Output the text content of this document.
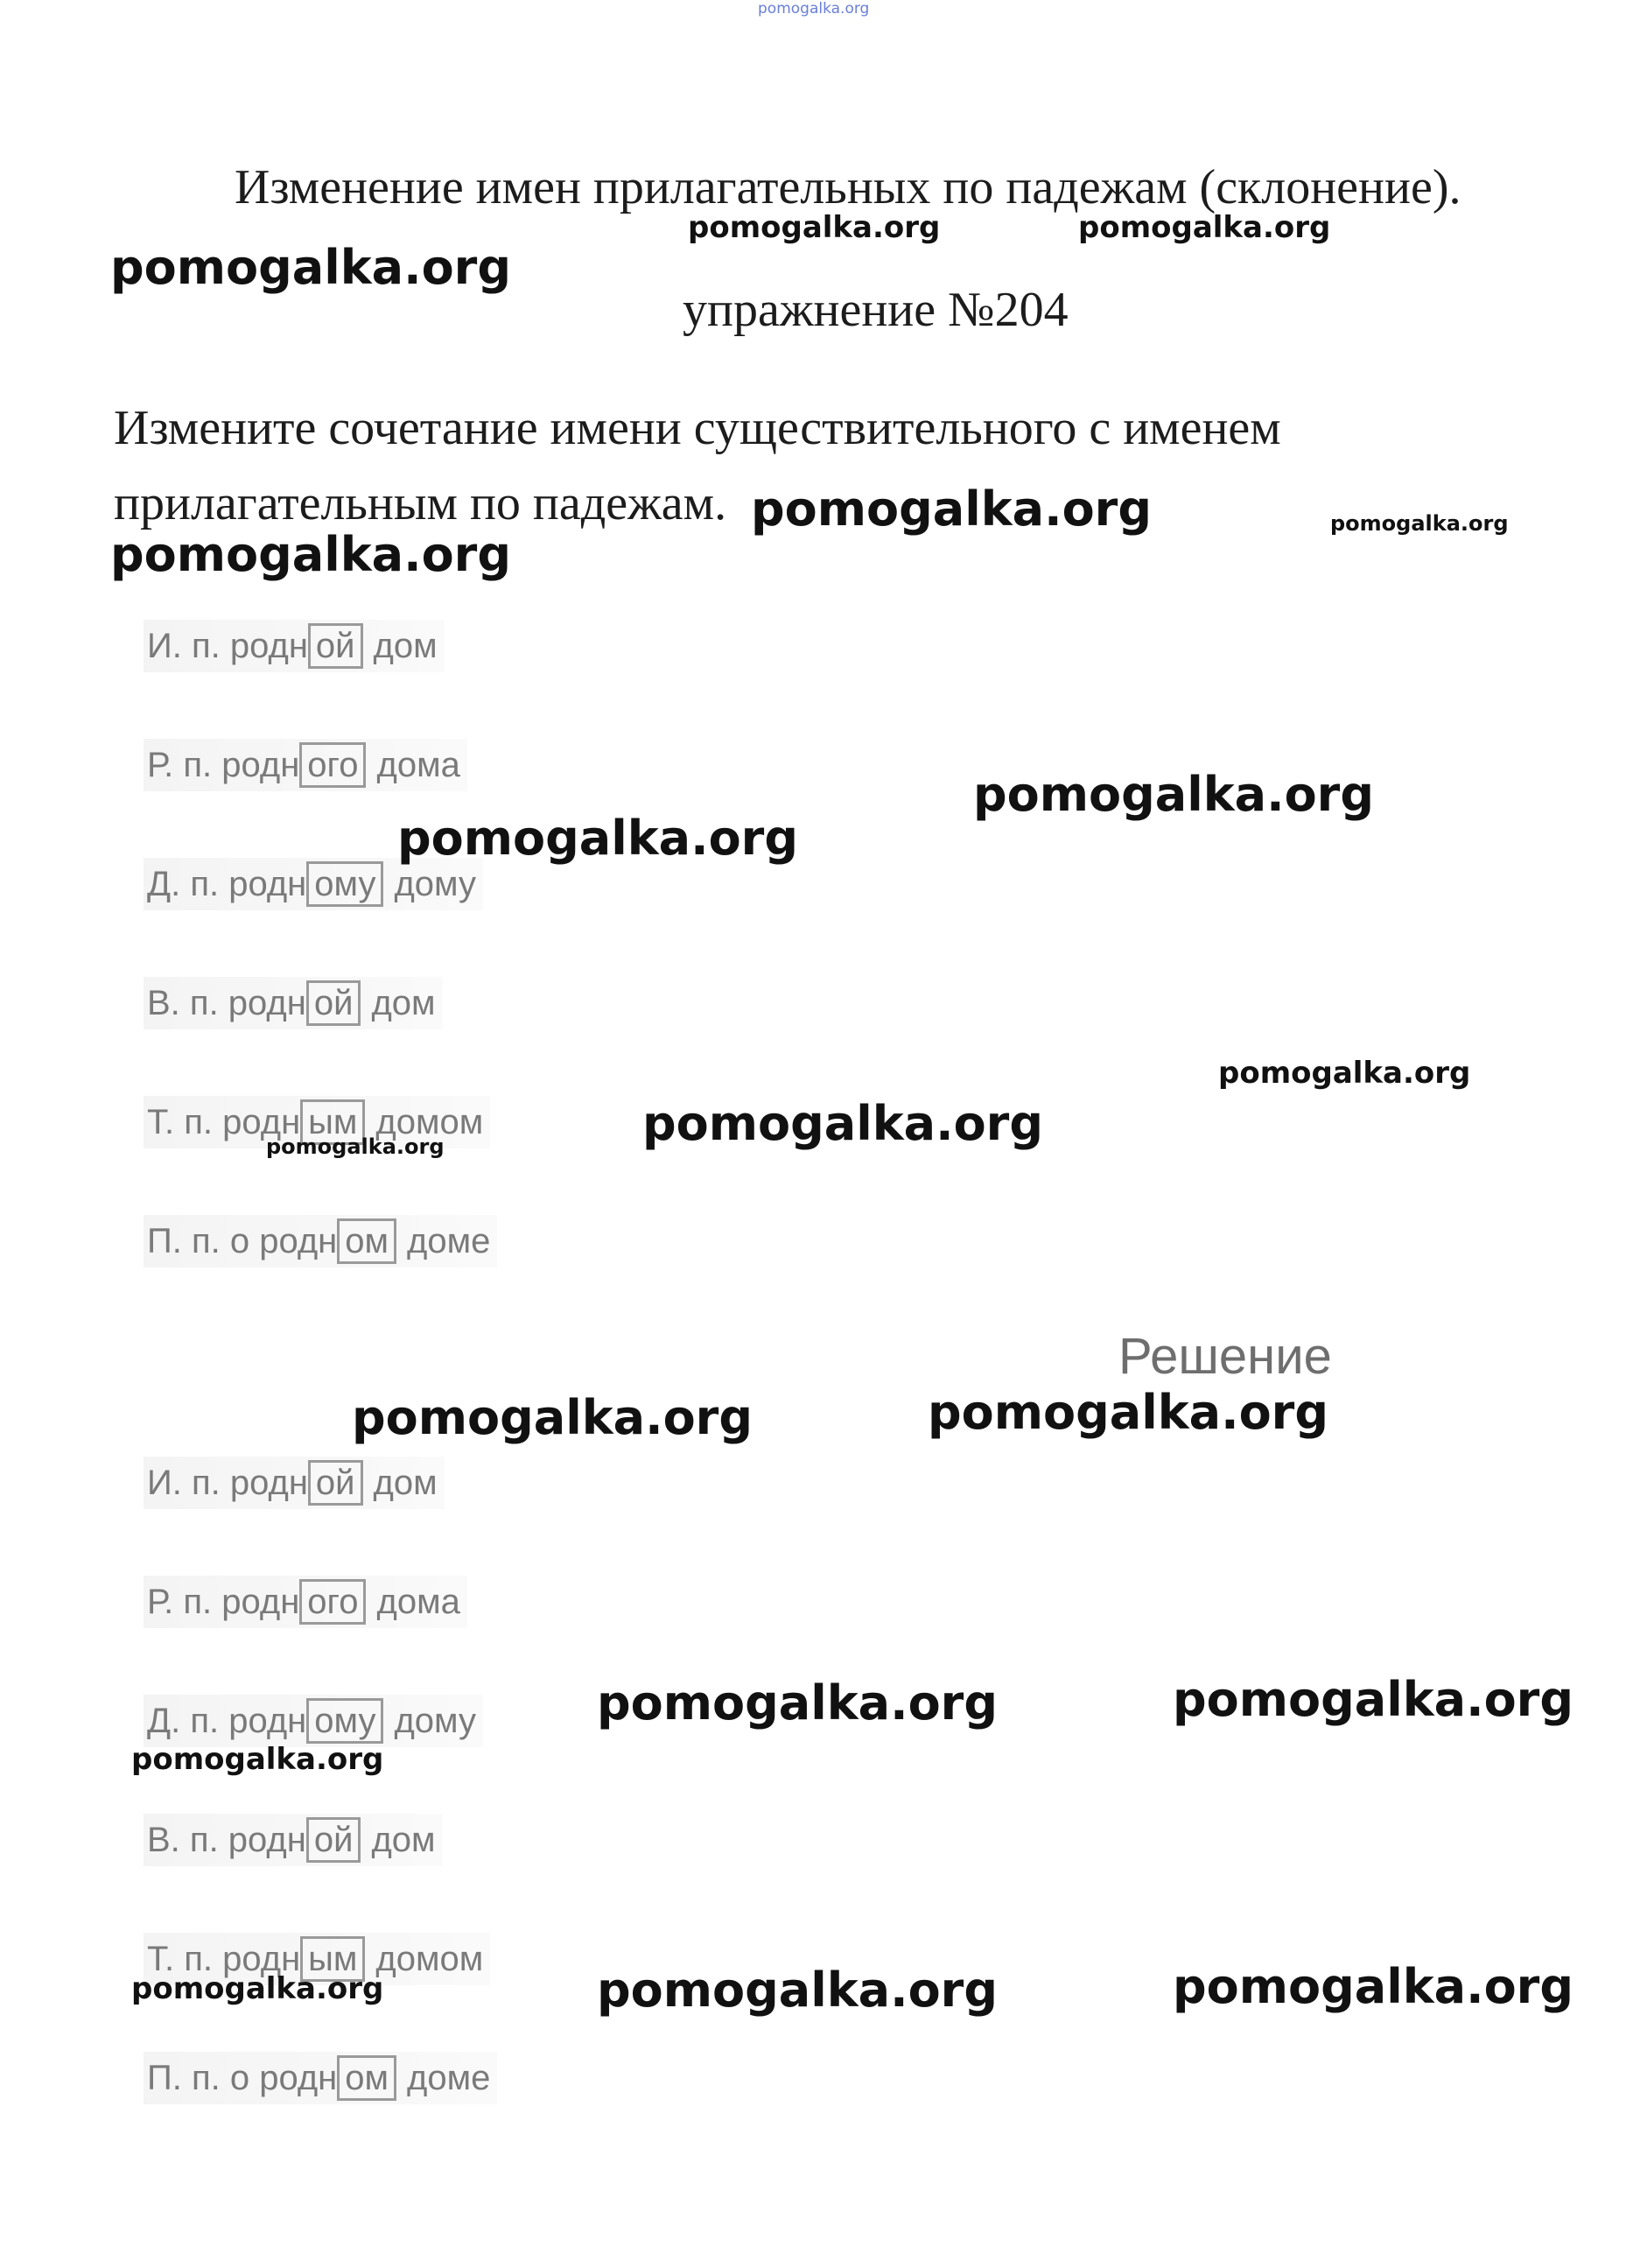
pomogalka.org
Изменение имен прилагательных по падежам (склонение).
pomogalka.org	pomogalka.org
pomogalka.org
упражнение №204
Измените сочетание имени существительного с именем
прилагательным по падежам. pomogalka.org	pomogalka.org
pomogalka.org
И. п. родн ой дом
Р. п. родн ого дома
Д. п. родн ому дому
В. п. родн ой дом
Т. п. родн ым домом
П. п. о родн ом доме
pomogalka.org
pomogalka.org
pomogalka.org
pomogalka.org
pomogalka.org
Решение
pomogalka.org	pomogalka.org
И. п. родн ой дом
Р. п. родн ого дома
Д. п. родн ому дому
В. п. родн ой дом
Т. п. родн ым домом
П. п. о родн ом доме
pomogalka.org	pomogalka.org
pomogalka.org
pomogalka.org	pomogalka.org	pomogalka.org
